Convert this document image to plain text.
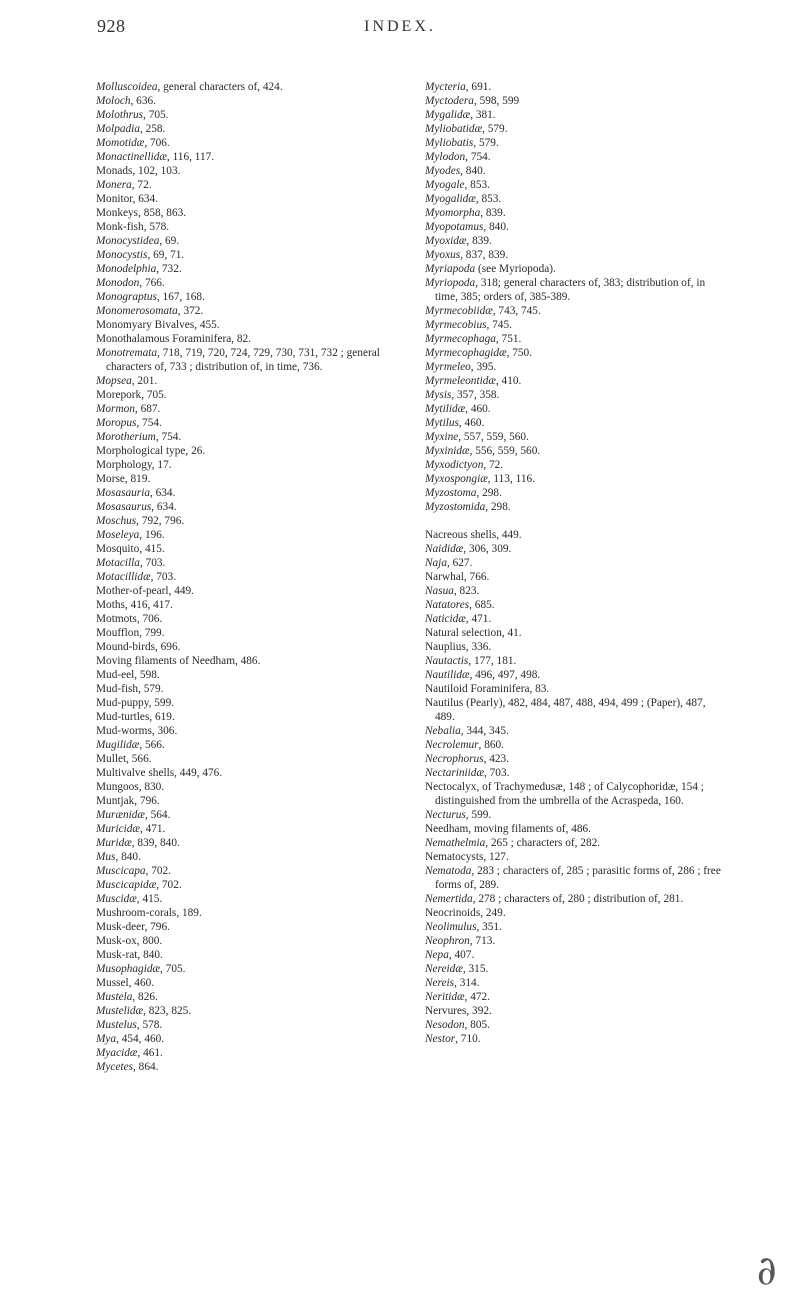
928	INDEX.
Molluscoidea, general characters of, 424.
Moloch, 636.
Molothrus, 705.
Molpadia, 258.
Momotidæ, 706.
Monactinellidæ, 116, 117.
Monads, 102, 103.
Monera, 72.
Monitor, 634.
Monkeys, 858, 863.
Monk-fish, 578.
Monocystidea, 69.
Monocystis, 69, 71.
Monodelphia, 732.
Monodon, 766.
Monograptus, 167, 168.
Monomerosomata, 372.
Monomyary Bivalves, 455.
Monothalamous Foraminifera, 82.
Monotremata, 718, 719, 720, 724, 729, 730, 731, 732 ; general characters of, 733 ; distribution of, in time, 736.
Mopsea, 201.
Morepork, 705.
Mormon, 687.
Moropus, 754.
Morotherium, 754.
Morphological type, 26.
Morphology, 17.
Morse, 819.
Mosasauria, 634.
Mosasaurus, 634.
Moschus, 792, 796.
Moseleya, 196.
Mosquito, 415.
Motacilla, 703.
Motacillidæ, 703.
Mother-of-pearl, 449.
Moths, 416, 417.
Motmots, 706.
Moufflon, 799.
Mound-birds, 696.
Moving filaments of Needham, 486.
Mud-eel, 598.
Mud-fish, 579.
Mud-puppy, 599.
Mud-turtles, 619.
Mud-worms, 306.
Mugilidæ, 566.
Mullet, 566.
Multivalve shells, 449, 476.
Mungoos, 830.
Muntjak, 796.
Murænidæ, 564.
Muricidæ, 471.
Muridæ, 839, 840.
Mus, 840.
Muscicapa, 702.
Muscicapidæ, 702.
Muscidæ, 415.
Mushroom-corals, 189.
Musk-deer, 796.
Musk-ox, 800.
Musk-rat, 840.
Musophagidæ, 705.
Mussel, 460.
Mustela, 826.
Mustelidæ, 823, 825.
Mustelus, 578.
Mya, 454, 460.
Myacidæ, 461.
Mycetes, 864.
Mycteria, 691.
Myctodera, 598, 599
Mygalidæ, 381.
Myliobatidæ, 579.
Myliobatis, 579.
Mylodon, 754.
Myodes, 840.
Myogale, 853.
Myogalidæ, 853.
Myomorpha, 839.
Myopotamus, 840.
Myoxidæ, 839.
Myoxus, 837, 839.
Myriapoda (see Myriopoda).
Myriopoda, 318; general characters of, 383; distribution of, in time, 385; orders of, 385-389.
Myrmecobiidæ, 743, 745.
Myrmecobius, 745.
Myrmecophaga, 751.
Myrmecophagidæ, 750.
Myrmeleo, 395.
Myrmeleontidæ, 410.
Mysis, 357, 358.
Mytilidæ, 460.
Mytilus, 460.
Myxine, 557, 559, 560.
Myxinidæ, 556, 559, 560.
Myxodictyon, 72.
Myxospongiæ, 113, 116.
Myzostoma, 298.
Myzostomida, 298.
Nacreous shells, 449.
Naididæ, 306, 309.
Naja, 627.
Narwhal, 766.
Nasua, 823.
Natatores, 685.
Naticidæ, 471.
Natural selection, 41.
Nauplius, 336.
Nautactis, 177, 181.
Nautilidæ, 496, 497, 498.
Nautiloid Foraminifera, 83.
Nautilus (Pearly), 482, 484, 487, 488, 494, 499 ; (Paper), 487, 489.
Nebalia, 344, 345.
Necrolemur, 860.
Necrophorus, 423.
Nectariniidæ, 703.
Nectocalyx, of Trachymedusæ, 148 ; of Calycophoridæ, 154 ; distinguished from the umbrella of the Acraspeda, 160.
Necturus, 599.
Needham, moving filaments of, 486.
Nemathelmia, 265 ; characters of, 282.
Nematocysts, 127.
Nematoda, 283 ; characters of, 285 ; parasitic forms of, 286 ; free forms of, 289.
Nemertida, 278 ; characters of, 280 ; distribution of, 281.
Neocrinoids, 249.
Neolimulus, 351.
Neophron, 713.
Nepa, 407.
Nereidæ, 315.
Nereis, 314.
Neritidæ, 472.
Nervures, 392.
Nesodon, 805.
Nestor, 710.
∂
